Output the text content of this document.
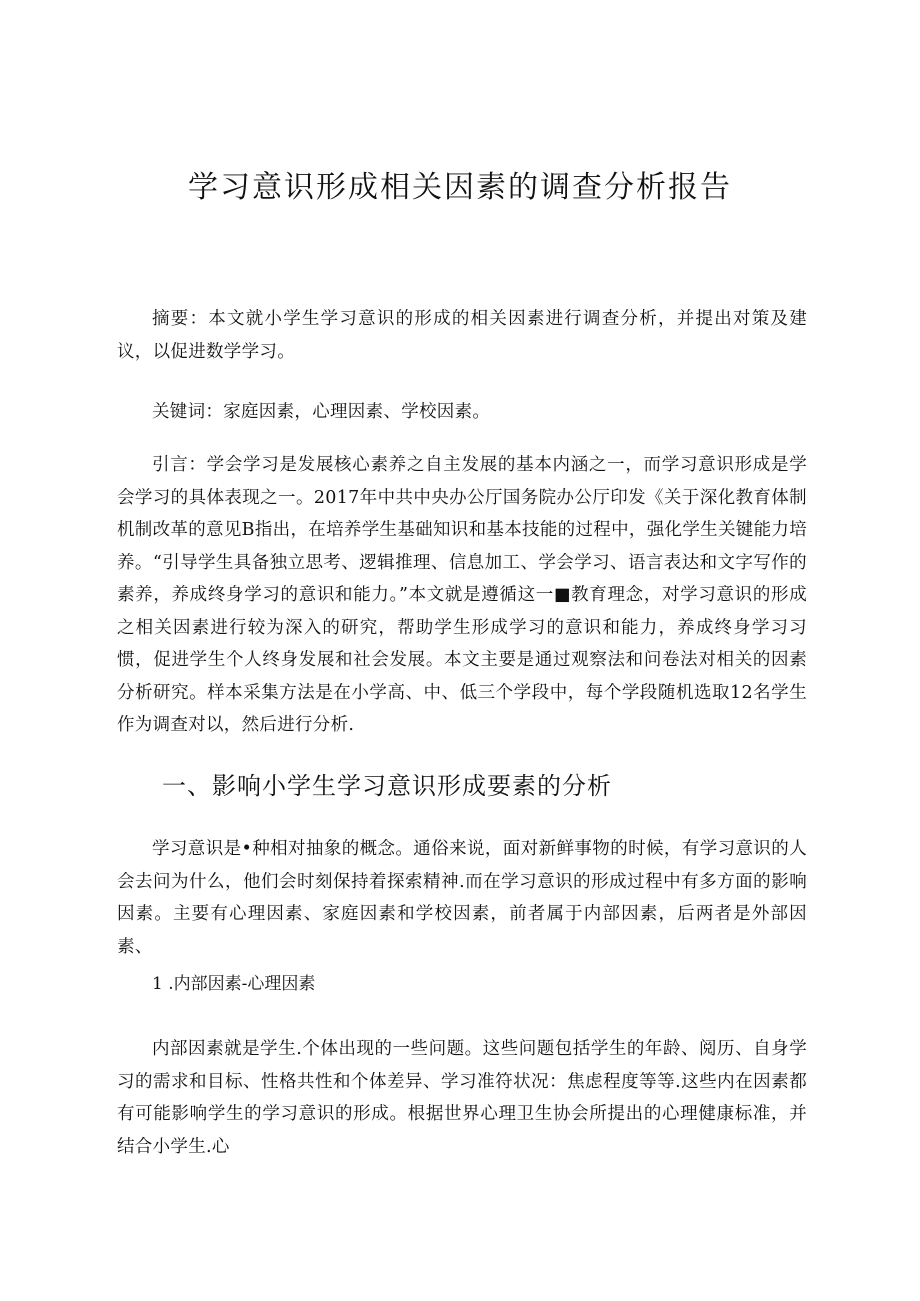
学习意识形成相关因素的调查分析报告

摘要：本文就小学生学习意识的形成的相关因素进行调查分析，并提出对策及建议，以促进数学学习。

关键词：家庭因素，心理因素、学校因素。

引言：学会学习是发展核心素养之自主发展的基本内涵之一，而学习意识形成是学会学习的具体表现之一。2017年中共中央办公厅国务院办公厅印发《关于深化教育体制机制改革的意见B指出，在培养学生基础知识和基本技能的过程中，强化学生关键能力培养。“引导学生具备独立思考、逻辑推理、信息加工、学会学习、语言表达和文字写作的素养，养成终身学习的意识和能力。”本文就是遵循这一■教育理念，对学习意识的形成之相关因素进行较为深入的研究，帮助学生形成学习的意识和能力，养成终身学习习惯，促进学生个人终身发展和社会发展。本文主要是通过观察法和问卷法对相关的因素分析研究。样本采集方法是在小学高、中、低三个学段中，每个学段随机选取12名学生作为调查对以，然后进行分析.

一、影响小学生学习意识形成要素的分析

学习意识是•种相对抽象的概念。通俗来说，面对新鲜事物的时候，有学习意识的人会去问为什么，他们会时刻保持着探索精神.而在学习意识的形成过程中有多方面的影响因素。主要有心理因素、家庭因素和学校因素，前者属于内部因素，后两者是外部因素、

1 .内部因素-心理因素

内部因素就是学生.个体出现的一些问题。这些问题包括学生的年龄、阅历、自身学习的需求和目标、性格共性和个体差异、学习准符状况：焦虑程度等等.这些内在因素都有可能影响学生的学习意识的形成。根据世界心理卫生协会所提出的心理健康标准，并结合小学生.心
